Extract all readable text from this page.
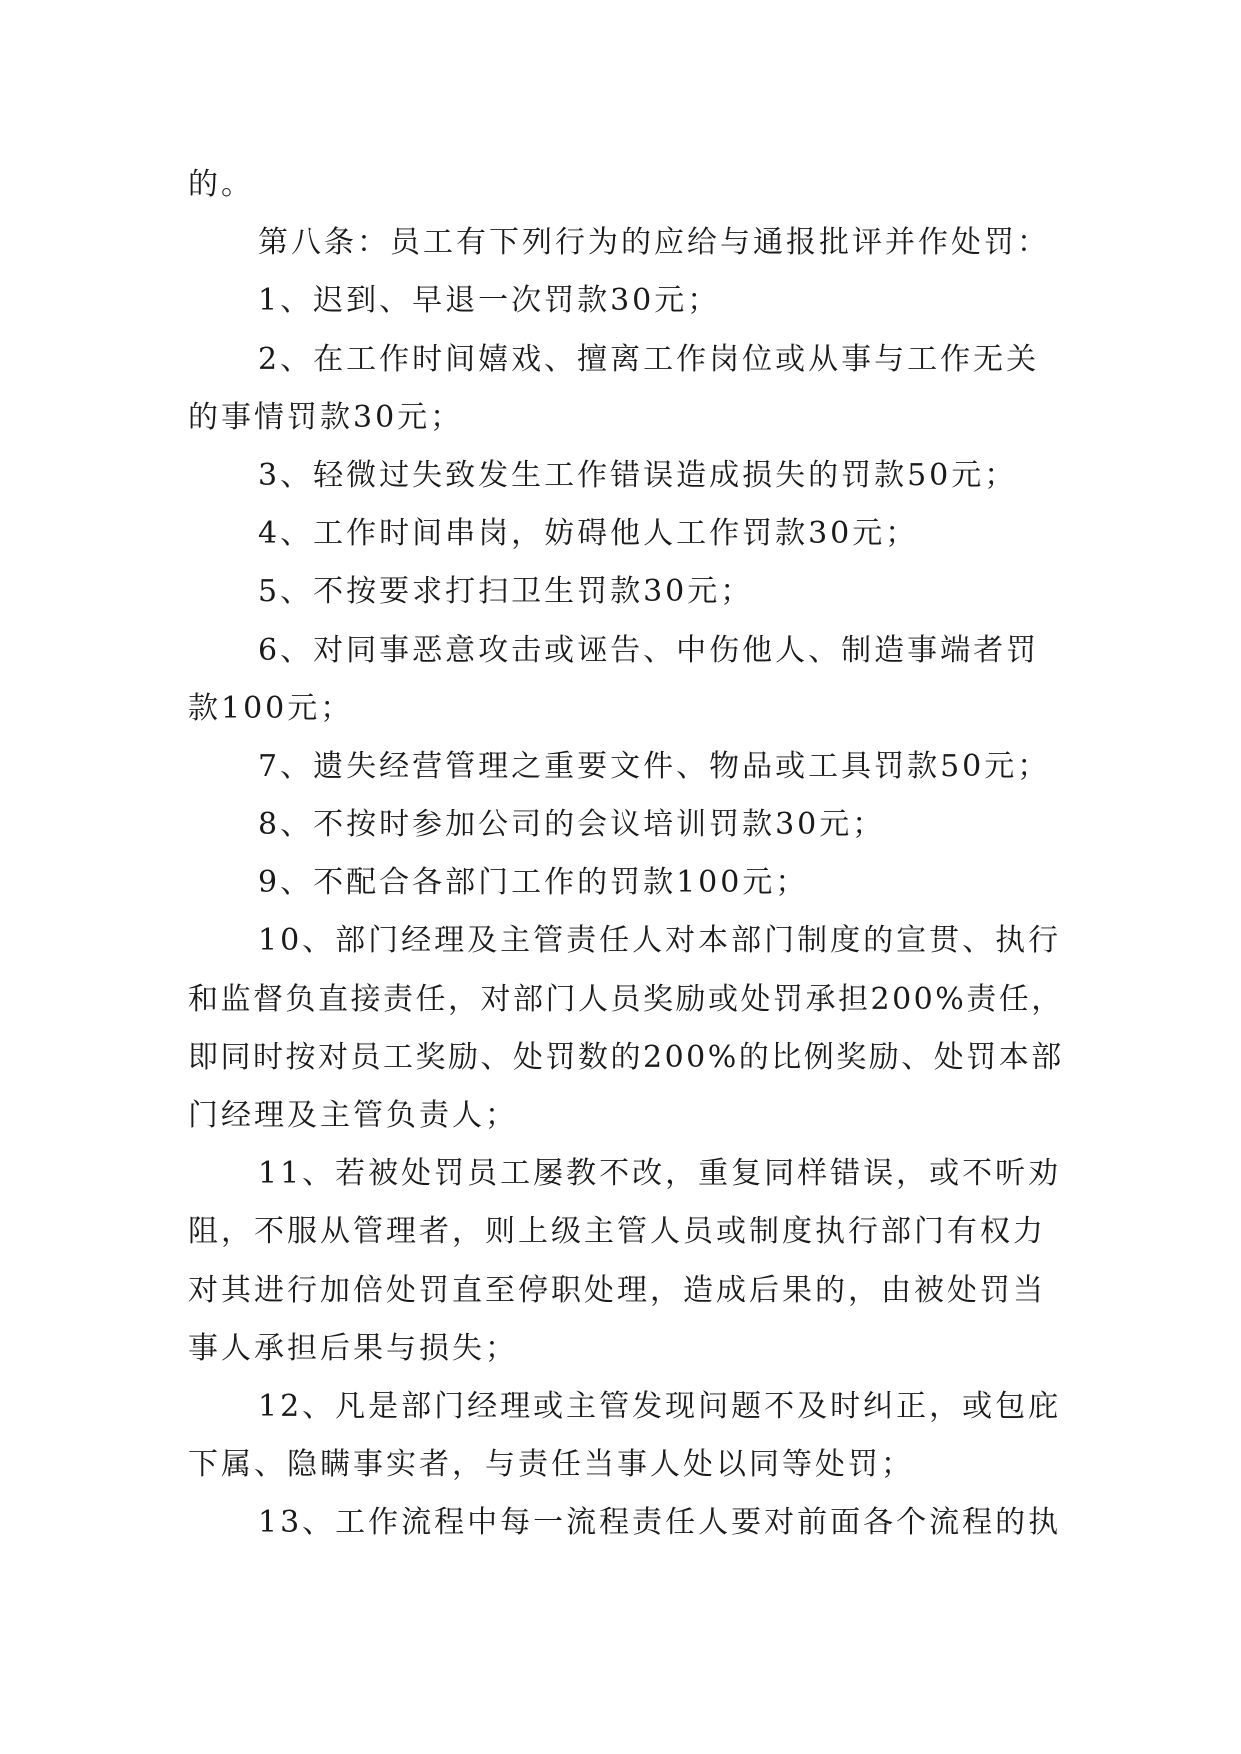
的。
第八条：员工有下列行为的应给与通报批评并作处罚：
1、迟到、早退一次罚款30元；
2、在工作时间嬉戏、擅离工作岗位或从事与工作无关
的事情罚款30元；
3、轻微过失致发生工作错误造成损失的罚款50元；
4、工作时间串岗，妨碍他人工作罚款30元；
5、不按要求打扫卫生罚款30元；
6、对同事恶意攻击或诬告、中伤他人、制造事端者罚
款100元；
7、遗失经营管理之重要文件、物品或工具罚款50元；
8、不按时参加公司的会议培训罚款30元；
9、不配合各部门工作的罚款100元；
10、部门经理及主管责任人对本部门制度的宣贯、执行
和监督负直接责任，对部门人员奖励或处罚承担200%责任，
即同时按对员工奖励、处罚数的200%的比例奖励、处罚本部
门经理及主管负责人；
11、若被处罚员工屡教不改，重复同样错误，或不听劝
阻，不服从管理者，则上级主管人员或制度执行部门有权力
对其进行加倍处罚直至停职处理，造成后果的，由被处罚当
事人承担后果与损失；
12、凡是部门经理或主管发现问题不及时纠正，或包庇
下属、隐瞒事实者，与责任当事人处以同等处罚；
13、工作流程中每一流程责任人要对前面各个流程的执
